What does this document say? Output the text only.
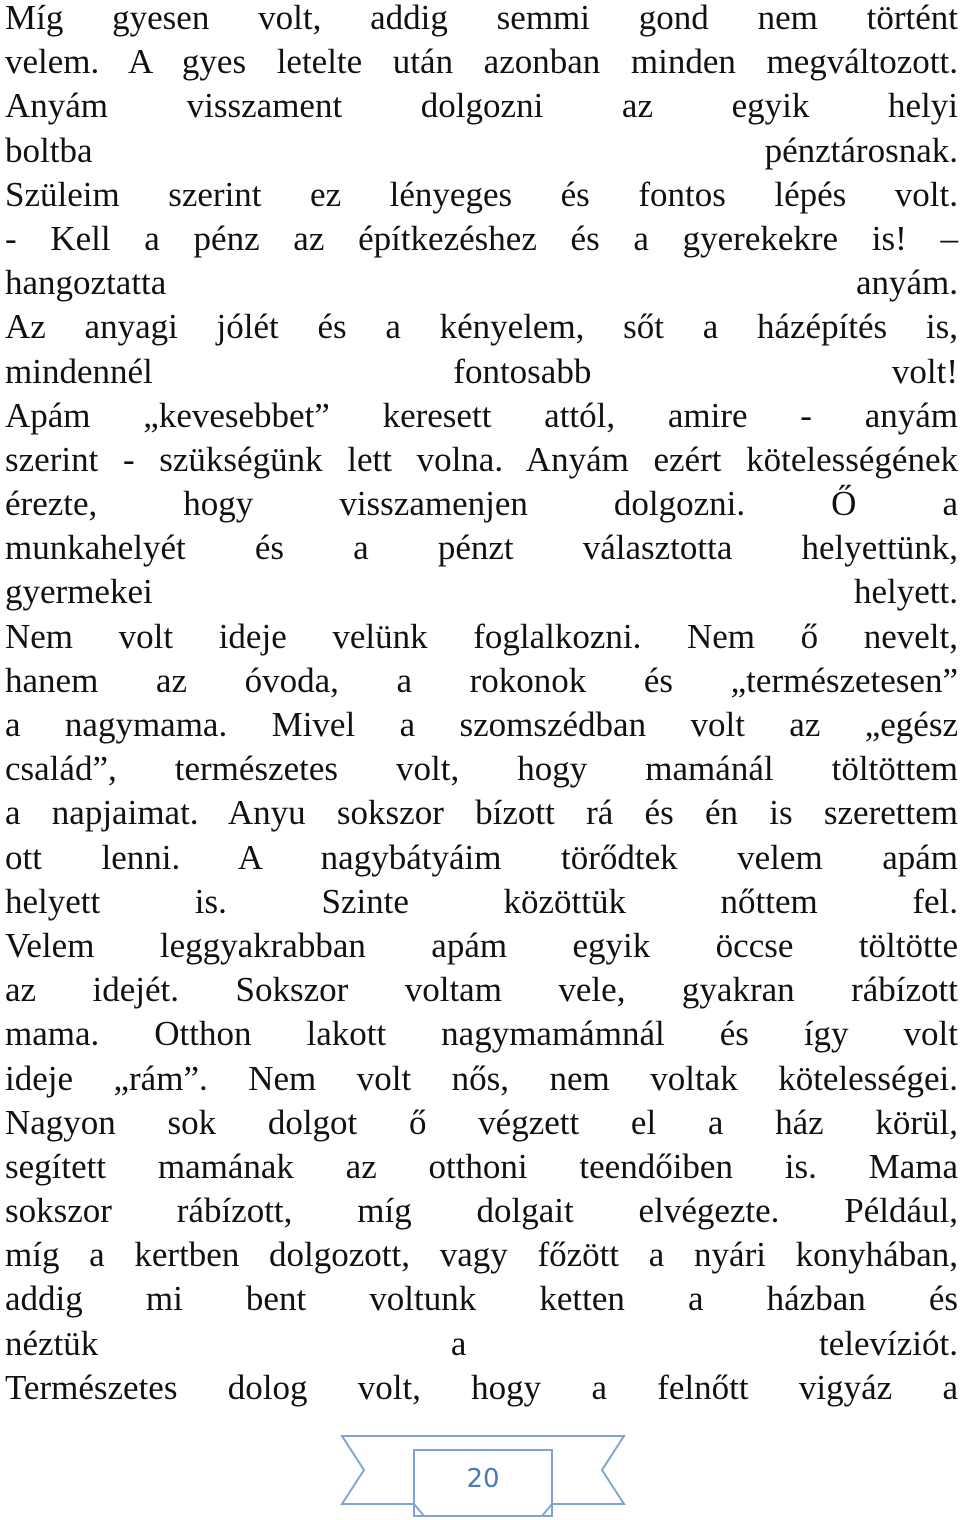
Míg gyesen volt, addig semmi gond nem történt
velem. A gyes letelte után azonban minden megváltozott.
Anyám visszament dolgozni az egyik helyi
boltba pénztárosnak.
Szüleim szerint ez lényeges és fontos lépés volt.
- Kell a pénz az építkezéshez és a gyerekekre is! –
hangoztatta anyám.
Az anyagi jólét és a kényelem, sőt a házépítés is,
mindennél fontosabb volt!
Apám „kevesebbet” keresett attól, amire - anyám
szerint - szükségünk lett volna. Anyám ezért kötelességének
érezte, hogy visszamenjen dolgozni. Ő a
munkahelyét és a pénzt választotta helyettünk,
gyermekei helyett.
Nem volt ideje velünk foglalkozni. Nem ő nevelt,
hanem az óvoda, a rokonok és „természetesen”
a nagymama. Mivel a szomszédban volt az „egész
család”, természetes volt, hogy mamánál töltöttem
a napjaimat. Anyu sokszor bízott rá és én is szerettem
ott lenni. A nagybátyáim törődtek velem apám
helyett is. Szinte közöttük nőttem fel.
Velem leggyakrabban apám egyik öccse töltötte
az idejét. Sokszor voltam vele, gyakran rábízott
mama. Otthon lakott nagymamámnál és így volt
ideje „rám”. Nem volt nős, nem voltak kötelességei.
Nagyon sok dolgot ő végzett el a ház körül,
segített mamának az otthoni teendőiben is. Mama
sokszor rábízott, míg dolgait elvégezte. Például,
míg a kertben dolgozott, vagy főzött a nyári konyhában,
addig mi bent voltunk ketten a házban és
néztük a televíziót.
Természetes dolog volt, hogy a felnőtt vigyáz a
20
